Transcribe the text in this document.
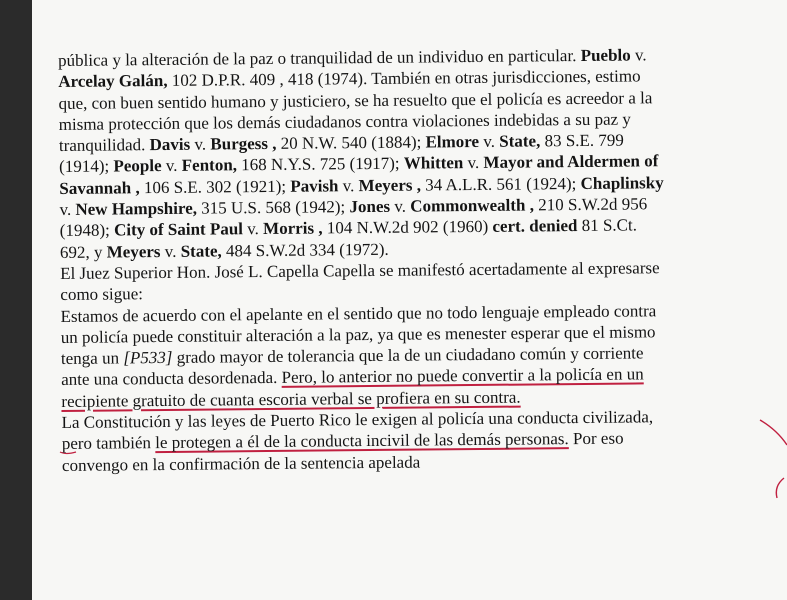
pública y la alteración de la paz o tranquilidad de un individuo en particular. Pueblo v.
Arcelay Galán, 102 D.P.R. 409 , 418 (1974). También en otras jurisdicciones, estimo
que, con buen sentido humano y justiciero, se ha resuelto que el policía es acreedor a la
misma protección que los demás ciudadanos contra violaciones indebidas a su paz y
tranquilidad. Davis v. Burgess , 20 N.W. 540 (1884); Elmore v. State, 83 S.E. 799
(1914); People v. Fenton, 168 N.Y.S. 725 (1917); Whitten v. Mayor and Aldermen of
Savannah , 106 S.E. 302 (1921); Pavish v. Meyers , 34 A.L.R. 561 (1924); Chaplinsky
v. New Hampshire, 315 U.S. 568 (1942); Jones v. Commonwealth , 210 S.W.2d 956
(1948); City of Saint Paul v. Morris , 104 N.W.2d 902 (1960) cert. denied 81 S.Ct.
692, y Meyers v. State, 484 S.W.2d 334 (1972).
El Juez Superior Hon. José L. Capella Capella se manifestó acertadamente al expresarse
como sigue:
Estamos de acuerdo con el apelante en el sentido que no todo lenguaje empleado contra
un policía puede constituir alteración a la paz, ya que es menester esperar que el mismo
tenga un [P533] grado mayor de tolerancia que la de un ciudadano común y corriente
ante una conducta desordenada. Pero, lo anterior no puede convertir a la policía en un
recipiente gratuito de cuanta escoria verbal se profiera en su contra.
La Constitución y las leyes de Puerto Rico le exigen al policía una conducta civilizada,
pero también le protegen a él de la conducta incivil de las demás personas. Por eso
convengo en la confirmación de la sentencia apelada
